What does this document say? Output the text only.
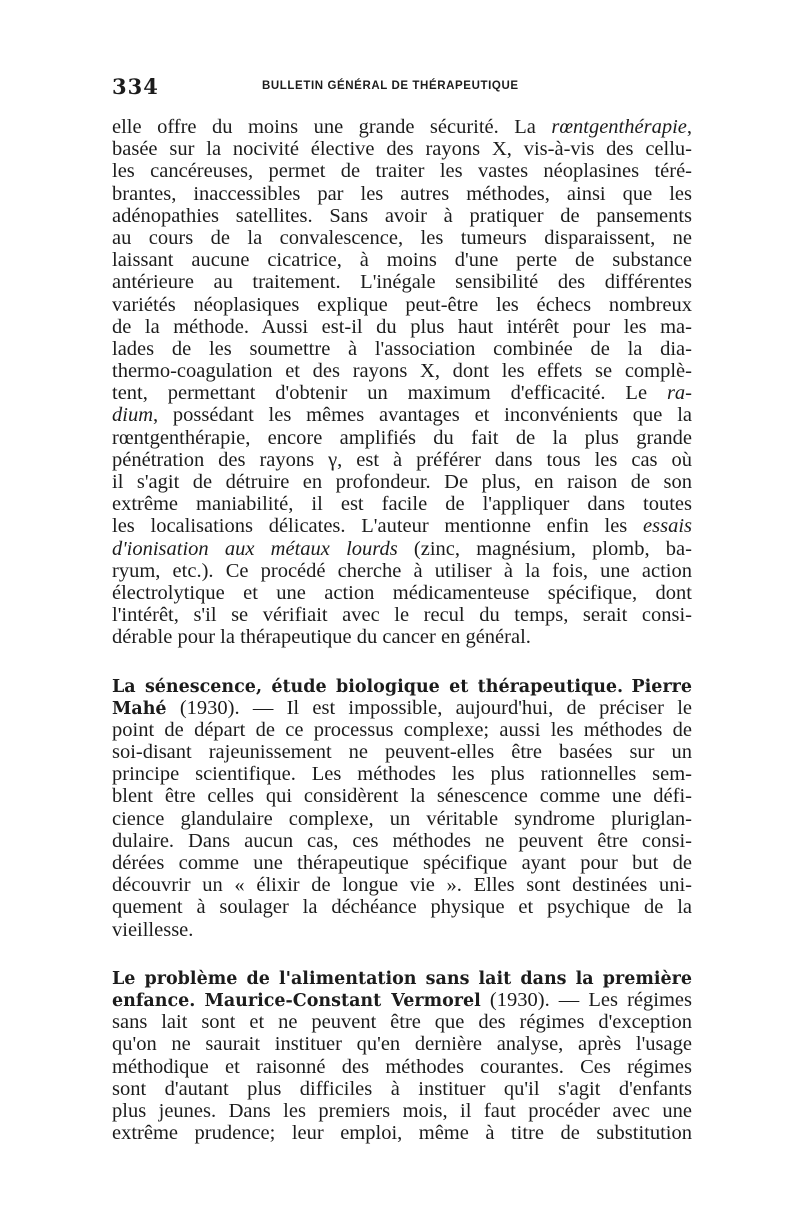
334	BULLETIN GÉNÉRAL DE THÉRAPEUTIQUE
elle offre du moins une grande sécurité. La rœntgenthérapie,
basée sur la nocivité élective des rayons X, vis-à-vis des cellu-
les cancéreuses, permet de traiter les vastes néoplasines téré-
brantes, inaccessibles par les autres méthodes, ainsi que les
adénopathies satellites. Sans avoir à pratiquer de pansements
au cours de la convalescence, les tumeurs disparaissent, ne
laissant aucune cicatrice, à moins d'une perte de substance
antérieure au traitement. L'inégale sensibilité des différentes
variétés néoplasiques explique peut-être les échecs nombreux
de la méthode. Aussi est-il du plus haut intérêt pour les ma-
lades de les soumettre à l'association combinée de la dia-
thermo-coagulation et des rayons X, dont les effets se complè-
tent, permettant d'obtenir un maximum d'efficacité. Le ra-
dium, possédant les mêmes avantages et inconvénients que la
rœntgenthérapie, encore amplifiés du fait de la plus grande
pénétration des rayons γ, est à préférer dans tous les cas où
il s'agit de détruire en profondeur. De plus, en raison de son
extrême maniabilité, il est facile de l'appliquer dans toutes
les localisations délicates. L'auteur mentionne enfin les essais
d'ionisation aux métaux lourds (zinc, magnésium, plomb, ba-
ryum, etc.). Ce procédé cherche à utiliser à la fois, une action
électrolytique et une action médicamenteuse spécifique, dont
l'intérêt, s'il se vérifiait avec le recul du temps, serait consi-
dérable pour la thérapeutique du cancer en général.
La sénescence, étude biologique et thérapeutique. Pierre
Mahé (1930). — Il est impossible, aujourd'hui, de préciser le
point de départ de ce processus complexe; aussi les méthodes de
soi-disant rajeunissement ne peuvent-elles être basées sur un
principe scientifique. Les méthodes les plus rationnelles sem-
blent être celles qui considèrent la sénescence comme une défi-
cience glandulaire complexe, un véritable syndrome pluriglan-
dulaire. Dans aucun cas, ces méthodes ne peuvent être consi-
dérées comme une thérapeutique spécifique ayant pour but de
découvrir un « élixir de longue vie ». Elles sont destinées uni-
quement à soulager la déchéance physique et psychique de la
vieillesse.
Le problème de l'alimentation sans lait dans la première
enfance. Maurice-Constant Vermorel (1930). — Les régimes
sans lait sont et ne peuvent être que des régimes d'exception
qu'on ne saurait instituer qu'en dernière analyse, après l'usage
méthodique et raisonné des méthodes courantes. Ces régimes
sont d'autant plus difficiles à instituer qu'il s'agit d'enfants
plus jeunes. Dans les premiers mois, il faut procéder avec une
extrême prudence; leur emploi, même à titre de substitution
